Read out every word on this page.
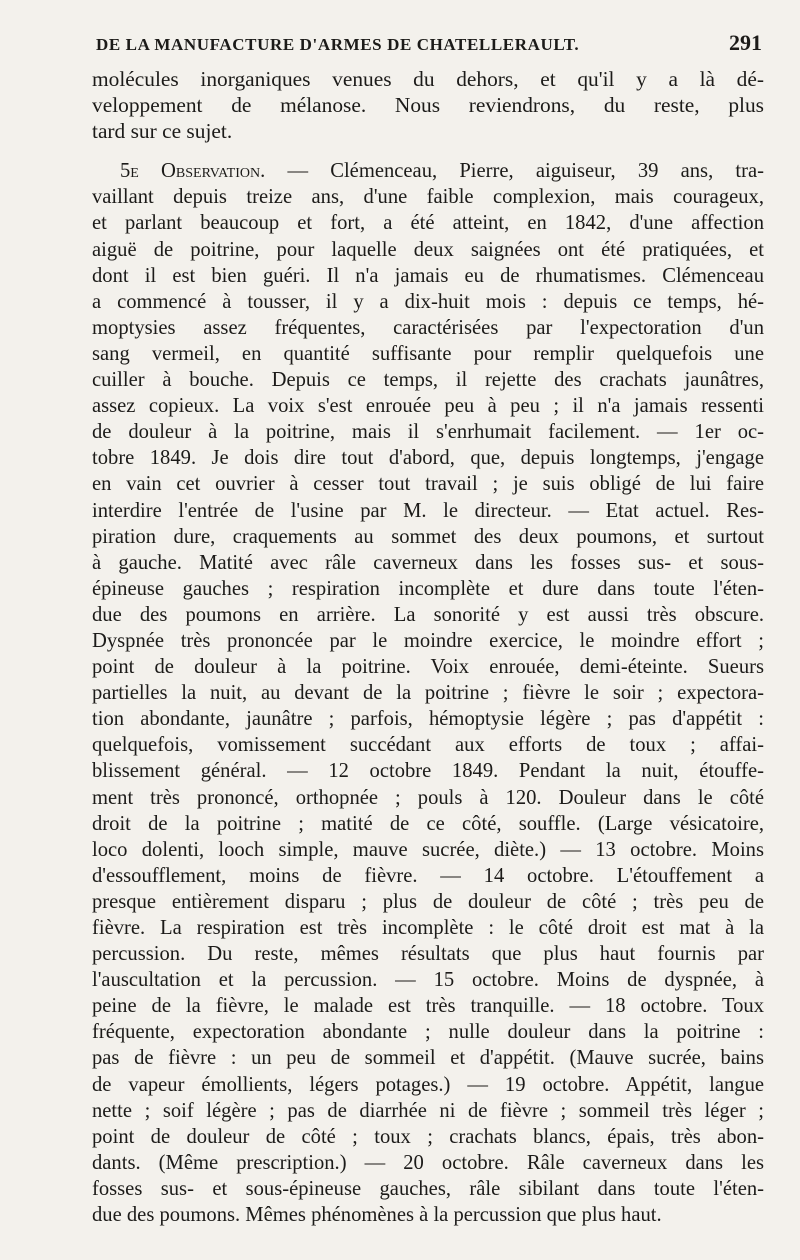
DE LA MANUFACTURE D'ARMES DE CHATELLERAULT.	291
molécules inorganiques venues du dehors, et qu'il y a là dé-
veloppement de mélanose. Nous reviendrons, du reste, plus
tard sur ce sujet.
5e Observation. — Clémenceau, Pierre, aiguiseur, 39 ans, tra-
vaillant depuis treize ans, d'une faible complexion, mais courageux,
et parlant beaucoup et fort, a été atteint, en 1842, d'une affection
aiguë de poitrine, pour laquelle deux saignées ont été pratiquées, et
dont il est bien guéri. Il n'a jamais eu de rhumatismes. Clémenceau
a commencé à tousser, il y a dix-huit mois : depuis ce temps, hé-
moptysies assez fréquentes, caractérisées par l'expectoration d'un
sang vermeil, en quantité suffisante pour remplir quelquefois une
cuiller à bouche. Depuis ce temps, il rejette des crachats jaunâtres,
assez copieux. La voix s'est enrouée peu à peu ; il n'a jamais ressenti
de douleur à la poitrine, mais il s'enrhumait facilement. — 1er oc-
tobre 1849. Je dois dire tout d'abord, que, depuis longtemps, j'engage
en vain cet ouvrier à cesser tout travail ; je suis obligé de lui faire
interdire l'entrée de l'usine par M. le directeur. — Etat actuel. Res-
piration dure, craquements au sommet des deux poumons, et surtout
à gauche. Matité avec râle caverneux dans les fosses sus- et sous-
épineuse gauches ; respiration incomplète et dure dans toute l'éten-
due des poumons en arrière. La sonorité y est aussi très obscure.
Dyspnée très prononcée par le moindre exercice, le moindre effort ;
point de douleur à la poitrine. Voix enrouée, demi-éteinte. Sueurs
partielles la nuit, au devant de la poitrine ; fièvre le soir ; expectora-
tion abondante, jaunâtre ; parfois, hémoptysie légère ; pas d'appétit :
quelquefois, vomissement succédant aux efforts de toux ; affai-
blissement général. — 12 octobre 1849. Pendant la nuit, étouffe-
ment très prononcé, orthopnée ; pouls à 120. Douleur dans le côté
droit de la poitrine ; matité de ce côté, souffle. (Large vésicatoire,
loco dolenti, looch simple, mauve sucrée, diète.) — 13 octobre. Moins
d'essoufflement, moins de fièvre. — 14 octobre. L'étouffement a
presque entièrement disparu ; plus de douleur de côté ; très peu de
fièvre. La respiration est très incomplète : le côté droit est mat à la
percussion. Du reste, mêmes résultats que plus haut fournis par
l'auscultation et la percussion. — 15 octobre. Moins de dyspnée, à
peine de la fièvre, le malade est très tranquille. — 18 octobre. Toux
fréquente, expectoration abondante ; nulle douleur dans la poitrine :
pas de fièvre : un peu de sommeil et d'appétit. (Mauve sucrée, bains
de vapeur émollients, légers potages.) — 19 octobre. Appétit, langue
nette ; soif légère ; pas de diarrhée ni de fièvre ; sommeil très léger ;
point de douleur de côté ; toux ; crachats blancs, épais, très abon-
dants. (Même prescription.) — 20 octobre. Râle caverneux dans les
fosses sus- et sous-épineuse gauches, râle sibilant dans toute l'éten-
due des poumons. Mêmes phénomènes à la percussion que plus haut.
